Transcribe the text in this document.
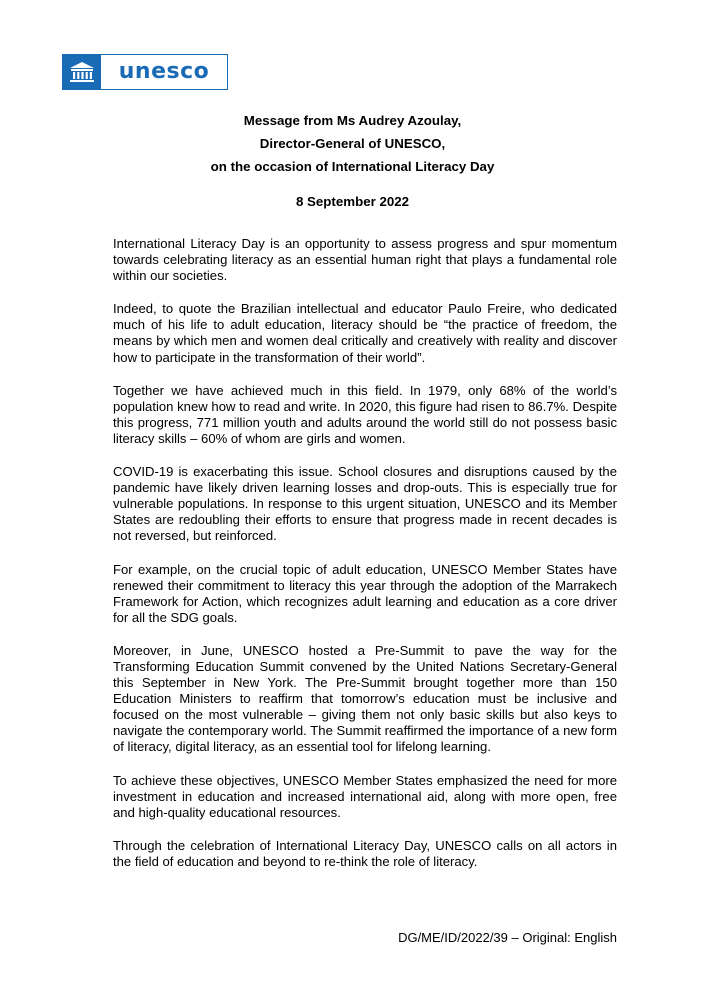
unesco
Message from Ms Audrey Azoulay,
Director-General of UNESCO,
on the occasion of International Literacy Day
8 September 2022

International Literacy Day is an opportunity to assess progress and spur momentum towards celebrating literacy as an essential human right that plays a fundamental role within our societies.

Indeed, to quote the Brazilian intellectual and educator Paulo Freire, who dedicated much of his life to adult education, literacy should be “the practice of freedom, the means by which men and women deal critically and creatively with reality and discover how to participate in the transformation of their world”.

Together we have achieved much in this field. In 1979, only 68% of the world’s population knew how to read and write. In 2020, this figure had risen to 86.7%. Despite this progress, 771 million youth and adults around the world still do not possess basic literacy skills – 60% of whom are girls and women.

COVID-19 is exacerbating this issue. School closures and disruptions caused by the pandemic have likely driven learning losses and drop-outs. This is especially true for vulnerable populations. In response to this urgent situation, UNESCO and its Member States are redoubling their efforts to ensure that progress made in recent decades is not reversed, but reinforced.

For example, on the crucial topic of adult education, UNESCO Member States have renewed their commitment to literacy this year through the adoption of the Marrakech Framework for Action, which recognizes adult learning and education as a core driver for all the SDG goals.

Moreover, in June, UNESCO hosted a Pre-Summit to pave the way for the Transforming Education Summit convened by the United Nations Secretary-General this September in New York. The Pre-Summit brought together more than 150 Education Ministers to reaffirm that tomorrow’s education must be inclusive and focused on the most vulnerable – giving them not only basic skills but also keys to navigate the contemporary world. The Summit reaffirmed the importance of a new form of literacy, digital literacy, as an essential tool for lifelong learning.

To achieve these objectives, UNESCO Member States emphasized the need for more investment in education and increased international aid, along with more open, free and high-quality educational resources.

Through the celebration of International Literacy Day, UNESCO calls on all actors in the field of education and beyond to re-think the role of literacy.

DG/ME/ID/2022/39 – Original: English
